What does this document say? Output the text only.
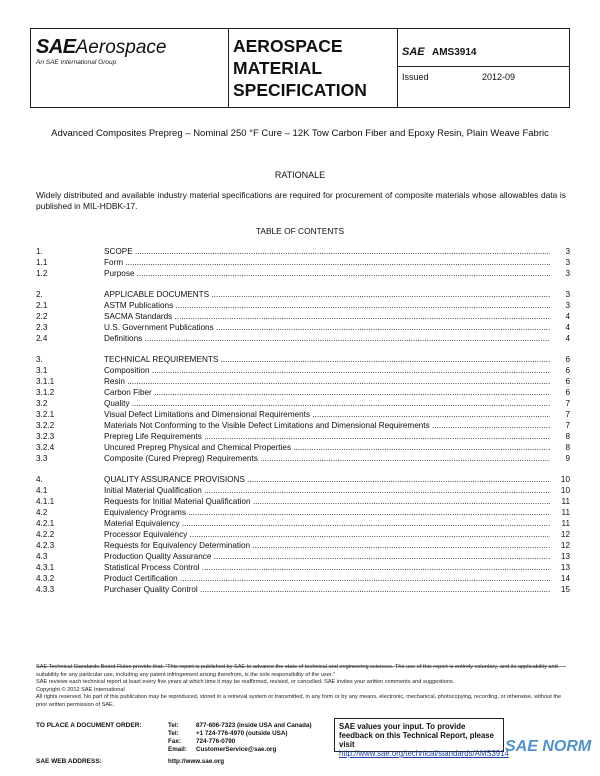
SAEAerospace
An SAE International Group
AEROSPACE
MATERIAL
SPECIFICATION
SAE AMS3914
Issued	2012-09
Advanced Composites Prepreg – Nominal 250 °F Cure – 12K Tow Carbon Fiber and Epoxy Resin, Plain Weave Fabric
RATIONALE
Widely distributed and available industry material specifications are required for procurement of composite materials whose allowables data is published in MIL-HDBK-17.
TABLE OF CONTENTS
1.	SCOPE .....	3
1.1	Form .....	3
1.2	Purpose .....	3
2.	APPLICABLE DOCUMENTS .....	3
2.1	ASTM Publications .....	3
2.2	SACMA Standards .....	4
2.3	U.S. Government Publications .....	4
2.4	Definitions .....	4
3.	TECHNICAL REQUIREMENTS .....	6
3.1	Composition .....	6
3.1.1	Resin .....	6
3.1.2	Carbon Fiber .....	6
3.2	Quality .....	7
3.2.1	Visual Defect Limitations and Dimensional Requirements .....	7
3.2.2	Materials Not Conforming to the Visible Defect Limitations and Dimensional Requirements .....	7
3.2.3	Prepreg Life Requirements .....	8
3.2.4	Uncured Prepreg Physical and Chemical Properties .....	8
3.3	Composite (Cured Prepreg) Requirements .....	9
4.	QUALITY ASSURANCE PROVISIONS .....	10
4.1	Initial Material Qualification .....	10
4.1.1	Requests for Initial Material Qualification .....	11
4.2	Equivalency Programs .....	11
4.2.1	Material Equivalency .....	11
4.2.2	Processor Equivalency .....	12
4.2.3	Requests for Equivalency Determination .....	12
4.3	Production Quality Assurance .....	13
4.3.1	Statistical Process Control .....	13
4.3.2	Product Certification .....	14
4.3.3	Purchaser Quality Control .....	15

SAE Technical Standards Board Rules provide that: “This report is published by SAE to advance the state of technical and engineering sciences. The use of this report is entirely voluntary, and its applicability and suitability for any particular use, including any patent infringement arising therefrom, is the sole responsibility of the user.”

SAE reviews each technical report at least every five years at which time it may be reaffirmed, revised, or cancelled. SAE invites your written comments and suggestions.

Copyright © 2012 SAE International

All rights reserved. No part of this publication may be reproduced, stored in a retrieval system or transmitted, in any form or by any means, electronic, mechanical, photocopying, recording, or otherwise, without the prior written permission of SAE.

TO PLACE A DOCUMENT ORDER:	Tel:	877-606-7323 (inside USA and Canada)
Tel:	+1 724-776-4970 (outside USA)
Fax: 724-776-0790
Email: CustomerService@sae.org
SAE WEB ADDRESS:	http://www.sae.org
SAE values your input. To provide feedback on this Technical Report, please visit
http://www.sae.org/technical/standards/AMS3914
SAE NORM
